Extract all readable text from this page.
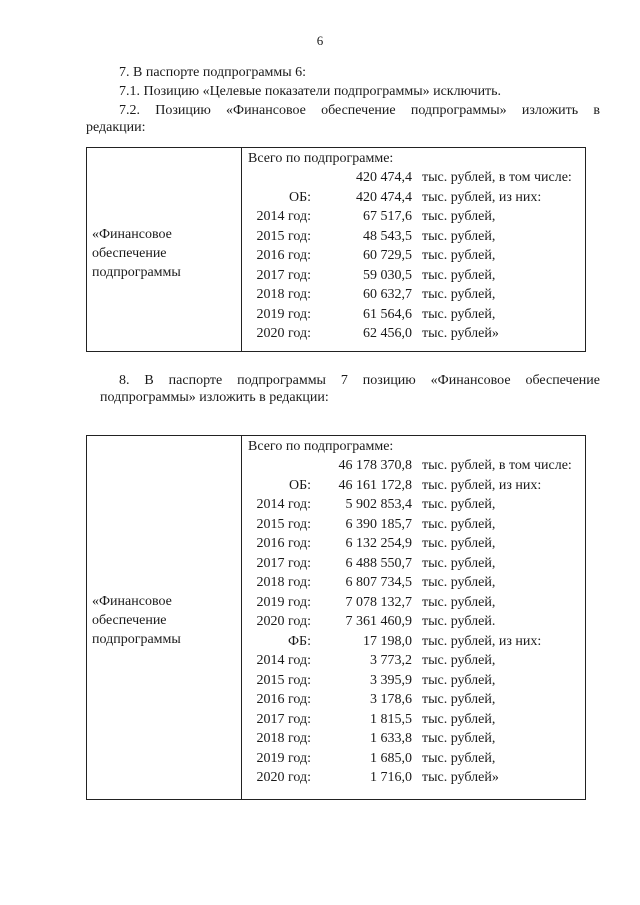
6
7. В паспорте подпрограммы 6:
7.1. Позицию «Целевые показатели подпрограммы» исключить.
7.2. Позицию «Финансовое обеспечение подпрограммы» изложить в
редакции:
«Финансовое обеспечение подпрограммы

Всего по подпрограмме:
420 474,4 тыс. рублей, в том числе:
ОБ:	420 474,4 тыс. рублей, из них:
2014 год:	67 517,6 тыс. рублей,
2015 год:	48 543,5 тыс. рублей,
2016 год:	60 729,5 тыс. рублей,
2017 год:	59 030,5 тыс. рублей,
2018 год:	60 632,7 тыс. рублей,
2019 год:	61 564,6 тыс. рублей,
2020 год:	62 456,0 тыс. рублей»
8. В паспорте подпрограммы 7 позицию «Финансовое обеспечение
подпрограммы» изложить в редакции:
«Финансовое обеспечение подпрограммы

Всего по подпрограмме:
46 178 370,8 тыс. рублей, в том числе:
ОБ: 46 161 172,8 тыс. рублей, из них:
2014 год: 5 902 853,4 тыс. рублей,
2015 год: 6 390 185,7 тыс. рублей,
2016 год: 6 132 254,9 тыс. рублей,
2017 год: 6 488 550,7 тыс. рублей,
2018 год: 6 807 734,5 тыс. рублей,
2019 год: 7 078 132,7 тыс. рублей,
2020 год: 7 361 460,9 тыс. рублей.
ФБ:	17 198,0 тыс. рублей, из них:
2014 год:	3 773,2 тыс. рублей,
2015 год:	3 395,9 тыс. рублей,
2016 год:	3 178,6 тыс. рублей,
2017 год:	1 815,5 тыс. рублей,
2018 год:	1 633,8 тыс. рублей,
2019 год:	1 685,0 тыс. рублей,
2020 год:	1 716,0 тыс. рублей»
